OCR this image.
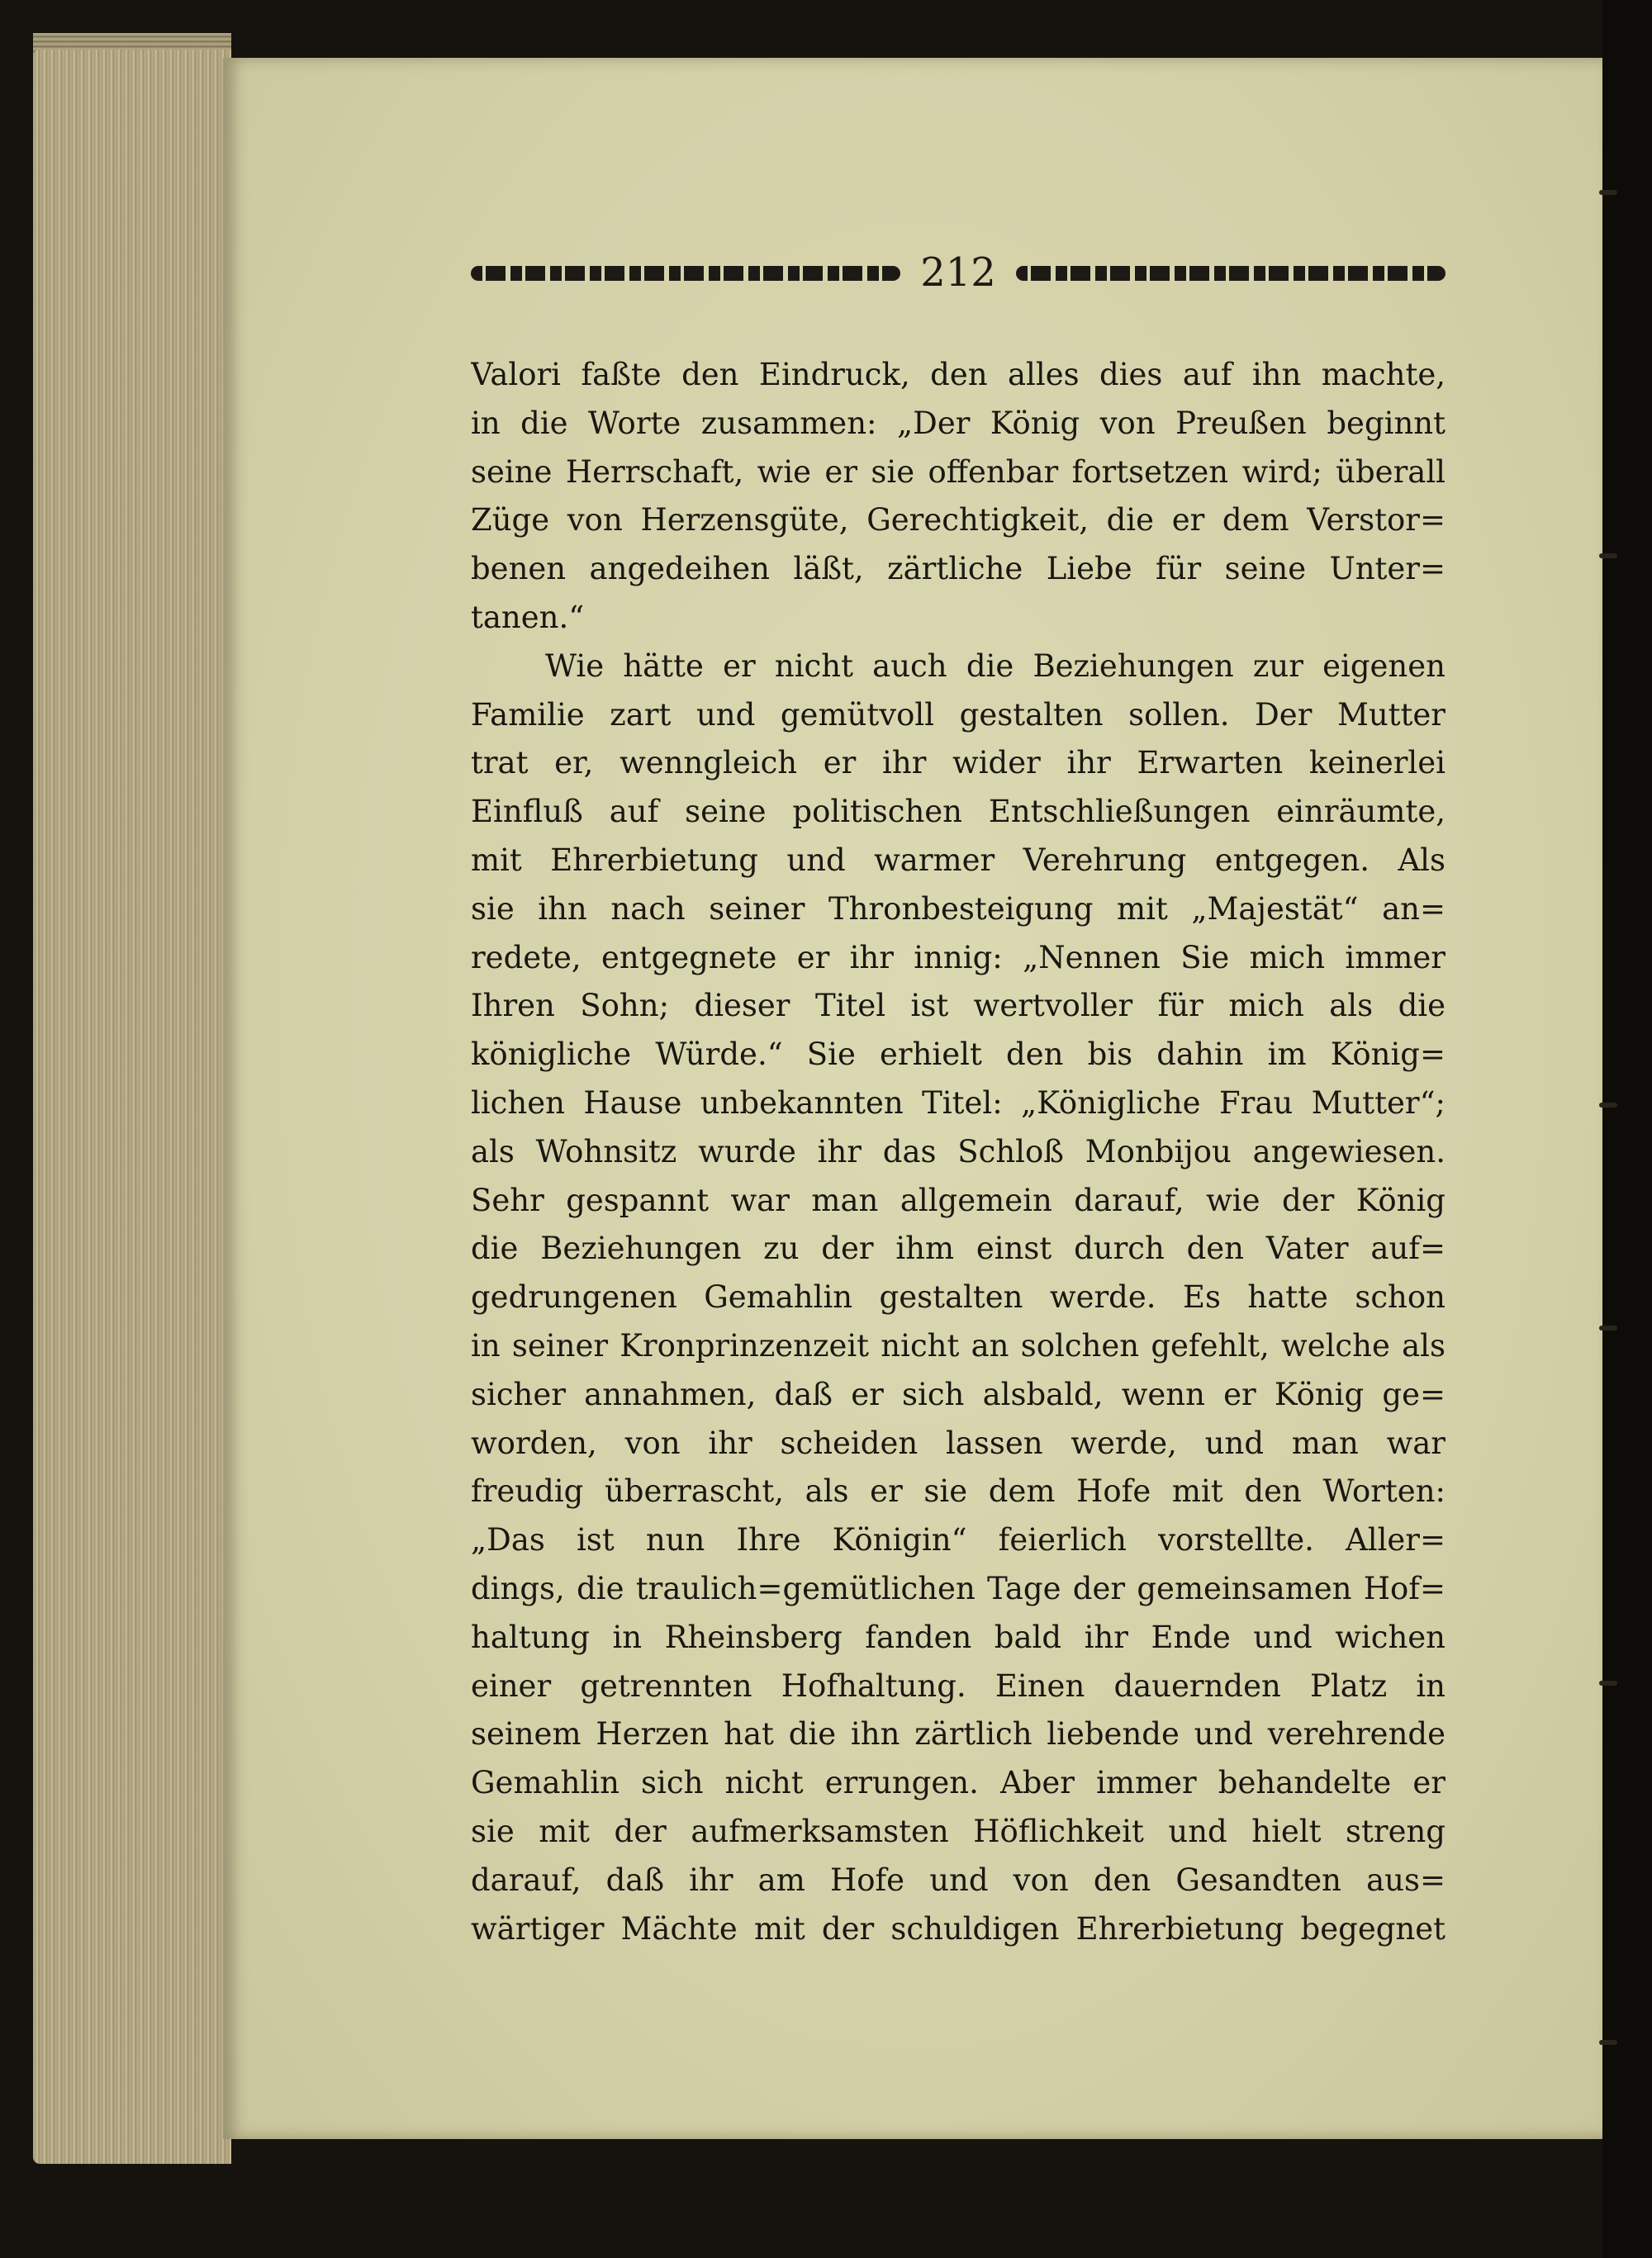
212
Valori faßte den Eindruck, den alles dies auf ihn machte,
in die Worte zusammen: „Der König von Preußen beginnt
seine Herrschaft, wie er sie offenbar fortsetzen wird; überall
Züge von Herzensgüte, Gerechtigkeit, die er dem Verstor=
benen angedeihen läßt, zärtliche Liebe für seine Unter=
tanen.“
Wie hätte er nicht auch die Beziehungen zur eigenen
Familie zart und gemütvoll gestalten sollen. Der Mutter
trat er, wenngleich er ihr wider ihr Erwarten keinerlei
Einfluß auf seine politischen Entschließungen einräumte,
mit Ehrerbietung und warmer Verehrung entgegen. Als
sie ihn nach seiner Thronbesteigung mit „Majestät“ an=
redete, entgegnete er ihr innig: „Nennen Sie mich immer
Ihren Sohn; dieser Titel ist wertvoller für mich als die
königliche Würde.“ Sie erhielt den bis dahin im König=
lichen Hause unbekannten Titel: „Königliche Frau Mutter“;
als Wohnsitz wurde ihr das Schloß Monbijou angewiesen.
Sehr gespannt war man allgemein darauf, wie der König
die Beziehungen zu der ihm einst durch den Vater auf=
gedrungenen Gemahlin gestalten werde. Es hatte schon
in seiner Kronprinzenzeit nicht an solchen gefehlt, welche als
sicher annahmen, daß er sich alsbald, wenn er König ge=
worden, von ihr scheiden lassen werde, und man war
freudig überrascht, als er sie dem Hofe mit den Worten:
„Das ist nun Ihre Königin“ feierlich vorstellte. Aller=
dings, die traulich=gemütlichen Tage der gemeinsamen Hof=
haltung in Rheinsberg fanden bald ihr Ende und wichen
einer getrennten Hofhaltung. Einen dauernden Platz in
seinem Herzen hat die ihn zärtlich liebende und verehrende
Gemahlin sich nicht errungen. Aber immer behandelte er
sie mit der aufmerksamsten Höflichkeit und hielt streng
darauf, daß ihr am Hofe und von den Gesandten aus=
wärtiger Mächte mit der schuldigen Ehrerbietung begegnet
